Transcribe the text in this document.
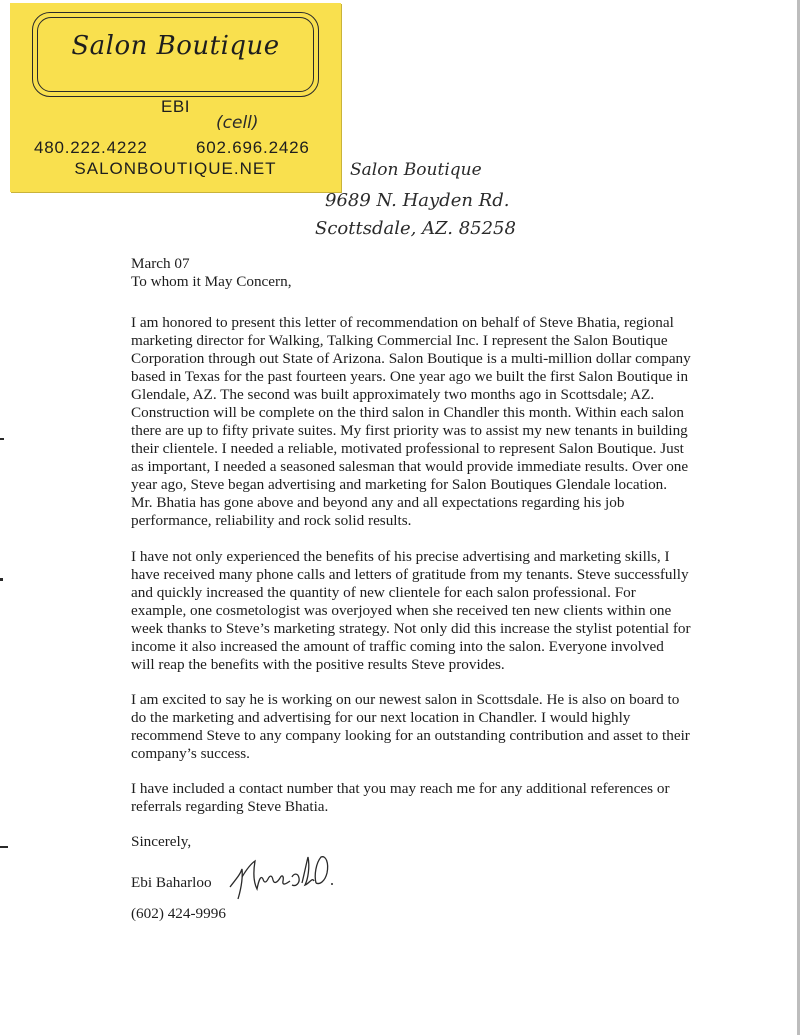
Salon Boutique
EBI
(cell)
480.222.4222	602.696.2426
SALONBOUTIQUE.NET	Salon Boutique
9689 N. Hayden Rd.
Scottsdale, AZ. 85258

March 07

To whom it May Concern,

I am honored to present this letter of recommendation on behalf of Steve Bhatia, regional marketing director for Walking, Talking Commercial Inc. I represent the Salon Boutique Corporation through out State of Arizona. Salon Boutique is a multi-million dollar company based in Texas for the past fourteen years. One year ago we built the first Salon Boutique in Glendale, AZ. The second was built approximately two months ago in Scottsdale; AZ. Construction will be complete on the third salon in Chandler this month. Within each salon there are up to fifty private suites. My first priority was to assist my new tenants in building their clientele. I needed a reliable, motivated professional to represent Salon Boutique. Just as important, I needed a seasoned salesman that would provide immediate results. Over one year ago, Steve began advertising and marketing for Salon Boutiques Glendale location. Mr. Bhatia has gone above and beyond any and all expectations regarding his job performance, reliability and rock solid results.

I have not only experienced the benefits of his precise advertising and marketing skills, I have received many phone calls and letters of gratitude from my tenants. Steve successfully and quickly increased the quantity of new clientele for each salon professional. For example, one cosmetologist was overjoyed when she received ten new clients within one week thanks to Steve’s marketing strategy. Not only did this increase the stylist potential for income it also increased the amount of traffic coming into the salon. Everyone involved will reap the benefits with the positive results Steve provides.

I am excited to say he is working on our newest salon in Scottsdale. He is also on board to do the marketing and advertising for our next location in Chandler. I would highly recommend Steve to any company looking for an outstanding contribution and asset to their company’s success.

I have included a contact number that you may reach me for any additional references or referrals regarding Steve Bhatia.

Sincerely,

Ebi Baharloo

(602) 424-9996
